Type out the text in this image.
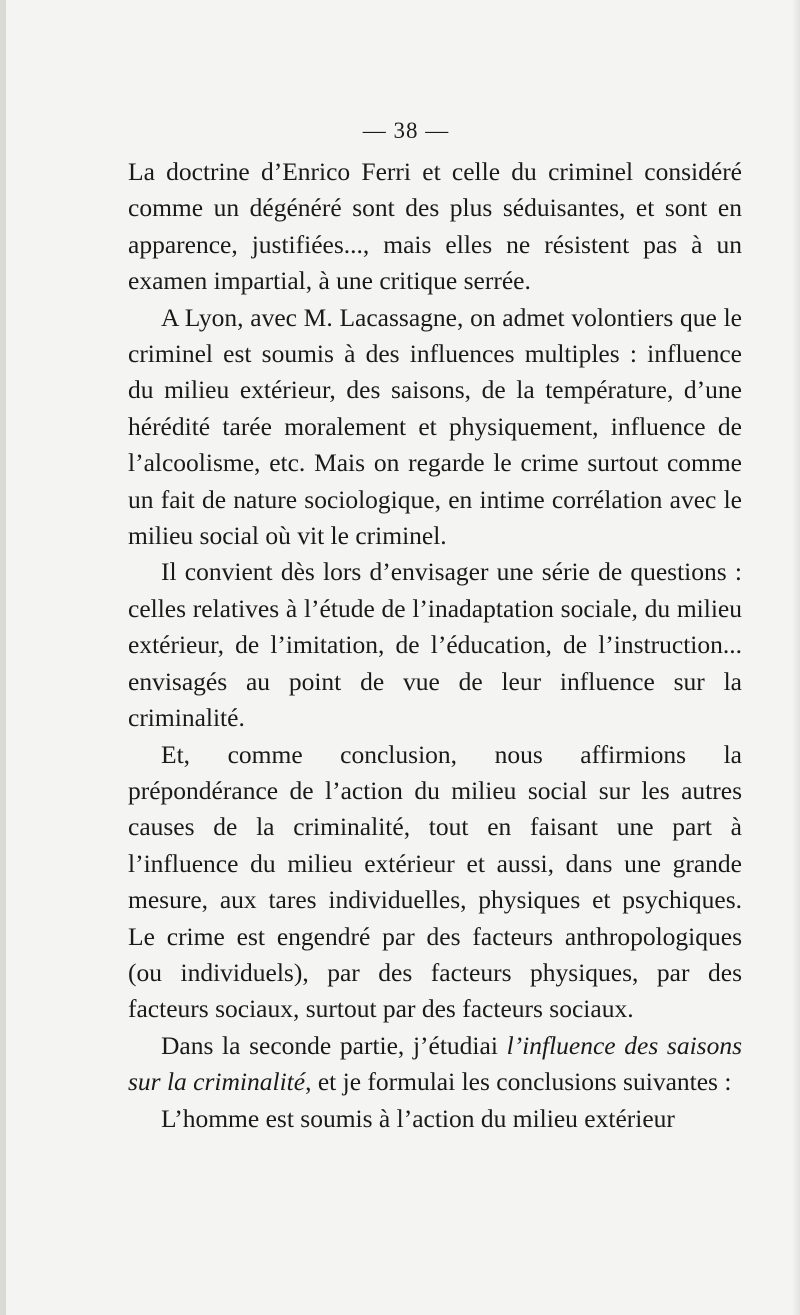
— 38 —

La doctrine d’Enrico Ferri et celle du criminel considéré comme un dégénéré sont des plus séduisantes, et sont en apparence, justifiées..., mais elles ne résistent pas à un examen impartial, à une critique serrée.

A Lyon, avec M. Lacassagne, on admet volontiers que le criminel est soumis à des influences multiples : influence du milieu extérieur, des saisons, de la température, d’une hérédité tarée moralement et physiquement, influence de l’alcoolisme, etc. Mais on regarde le crime surtout comme un fait de nature sociologique, en intime corrélation avec le milieu social où vit le criminel.

Il convient dès lors d’envisager une série de questions : celles relatives à l’étude de l’inadaptation sociale, du milieu extérieur, de l’imitation, de l’éducation, de l’instruction... envisagés au point de vue de leur influence sur la criminalité.

Et, comme conclusion, nous affirmions la prépondérance de l’action du milieu social sur les autres causes de la criminalité, tout en faisant une part à l’influence du milieu extérieur et aussi, dans une grande mesure, aux tares individuelles, physiques et psychiques. Le crime est engendré par des facteurs anthropologiques (ou individuels), par des facteurs physiques, par des facteurs sociaux, surtout par des facteurs sociaux.

Dans la seconde partie, j’étudiai l’influence des saisons sur la criminalité, et je formulai les conclusions suivantes :

L’homme est soumis à l’action du milieu extérieur
